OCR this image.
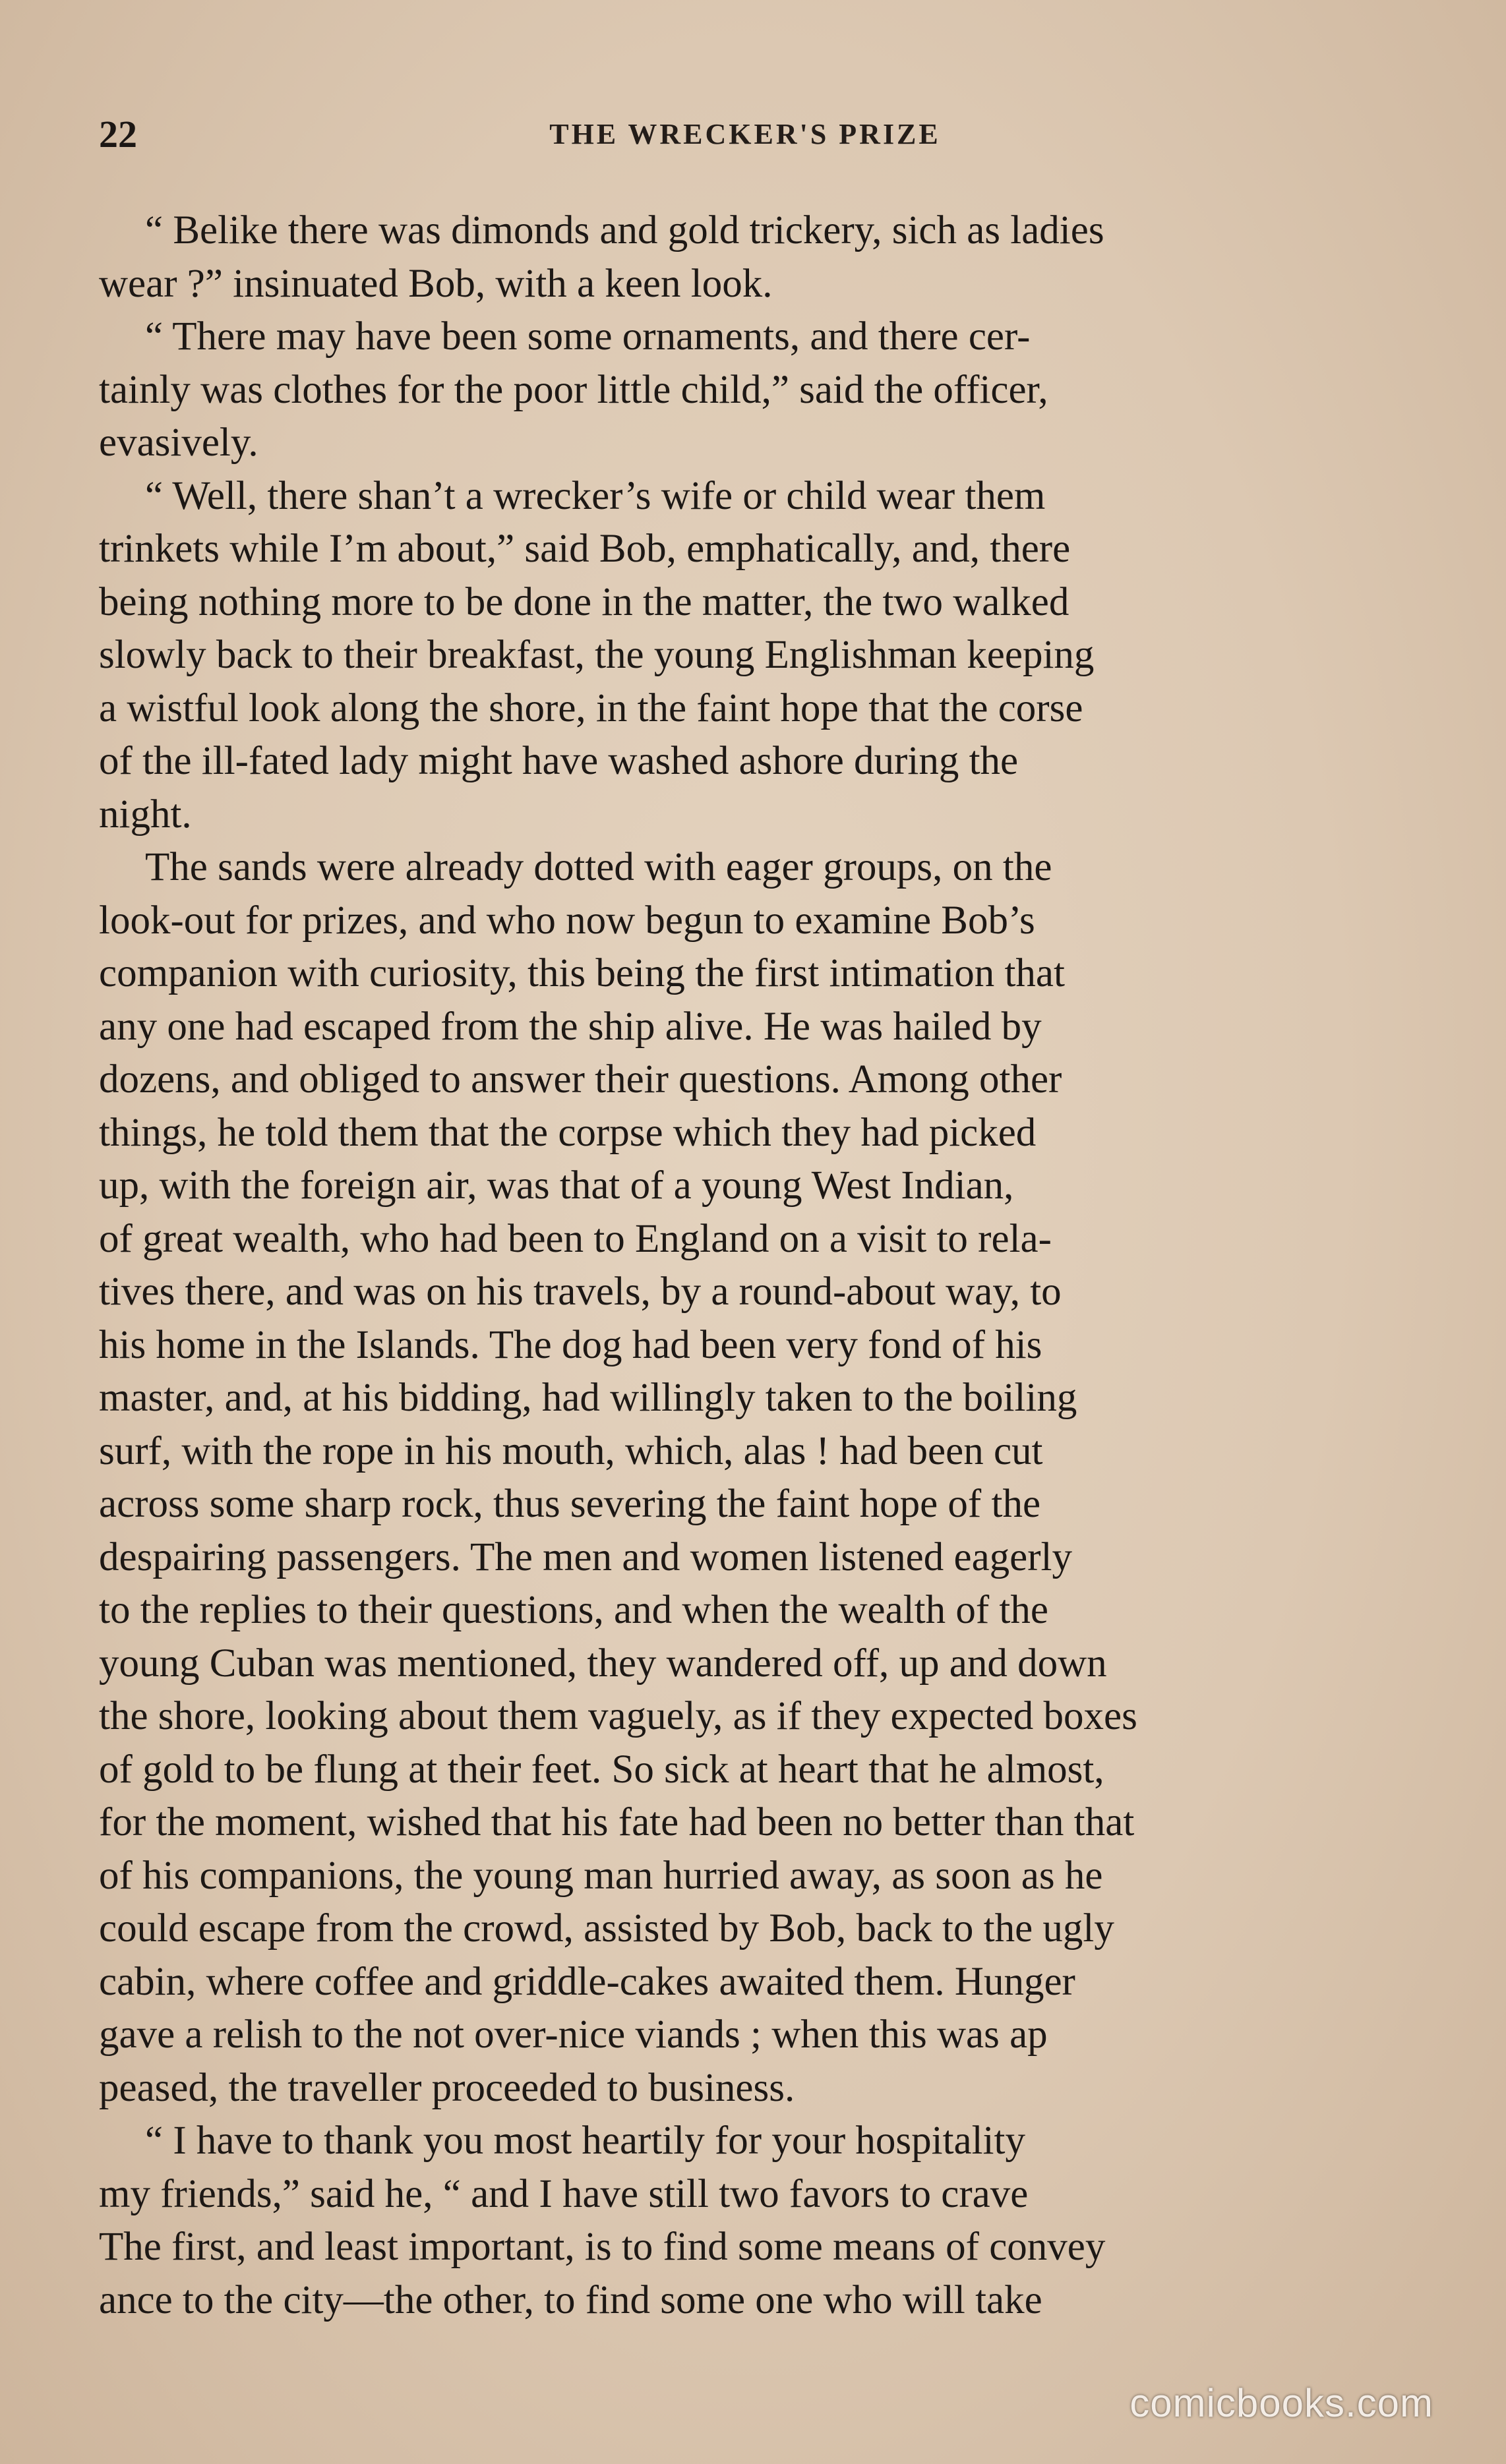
22	THE WRECKER'S PRIZE
“ Belike there was dimonds and gold trickery, sich as ladies
wear ?” insinuated Bob, with a keen look.
“ There may have been some ornaments, and there cer-
tainly was clothes for the poor little child,” said the officer,
evasively.
“ Well, there shan’t a wrecker’s wife or child wear them
trinkets while I’m about,” said Bob, emphatically, and, there
being nothing more to be done in the matter, the two walked
slowly back to their breakfast, the young Englishman keeping
a wistful look along the shore, in the faint hope that the corse
of the ill-fated lady might have washed ashore during the
night.
The sands were already dotted with eager groups, on the
look-out for prizes, and who now begun to examine Bob’s
companion with curiosity, this being the first intimation that
any one had escaped from the ship alive. He was hailed by
dozens, and obliged to answer their questions. Among other
things, he told them that the corpse which they had picked
up, with the foreign air, was that of a young West Indian,
of great wealth, who had been to England on a visit to rela-
tives there, and was on his travels, by a round-about way, to
his home in the Islands. The dog had been very fond of his
master, and, at his bidding, had willingly taken to the boiling
surf, with the rope in his mouth, which, alas ! had been cut
across some sharp rock, thus severing the faint hope of the
despairing passengers. The men and women listened eagerly
to the replies to their questions, and when the wealth of the
young Cuban was mentioned, they wandered off, up and down
the shore, looking about them vaguely, as if they expected boxes
of gold to be flung at their feet. So sick at heart that he almost,
for the moment, wished that his fate had been no better than that
of his companions, the young man hurried away, as soon as he
could escape from the crowd, assisted by Bob, back to the ugly
cabin, where coffee and griddle-cakes awaited them. Hunger
gave a relish to the not over-nice viands ; when this was ap
peased, the traveller proceeded to business.
“ I have to thank you most heartily for your hospitality
my friends,” said he, “ and I have still two favors to crave
The first, and least important, is to find some means of convey
ance to the city—the other, to find some one who will take
comicbooks.com
